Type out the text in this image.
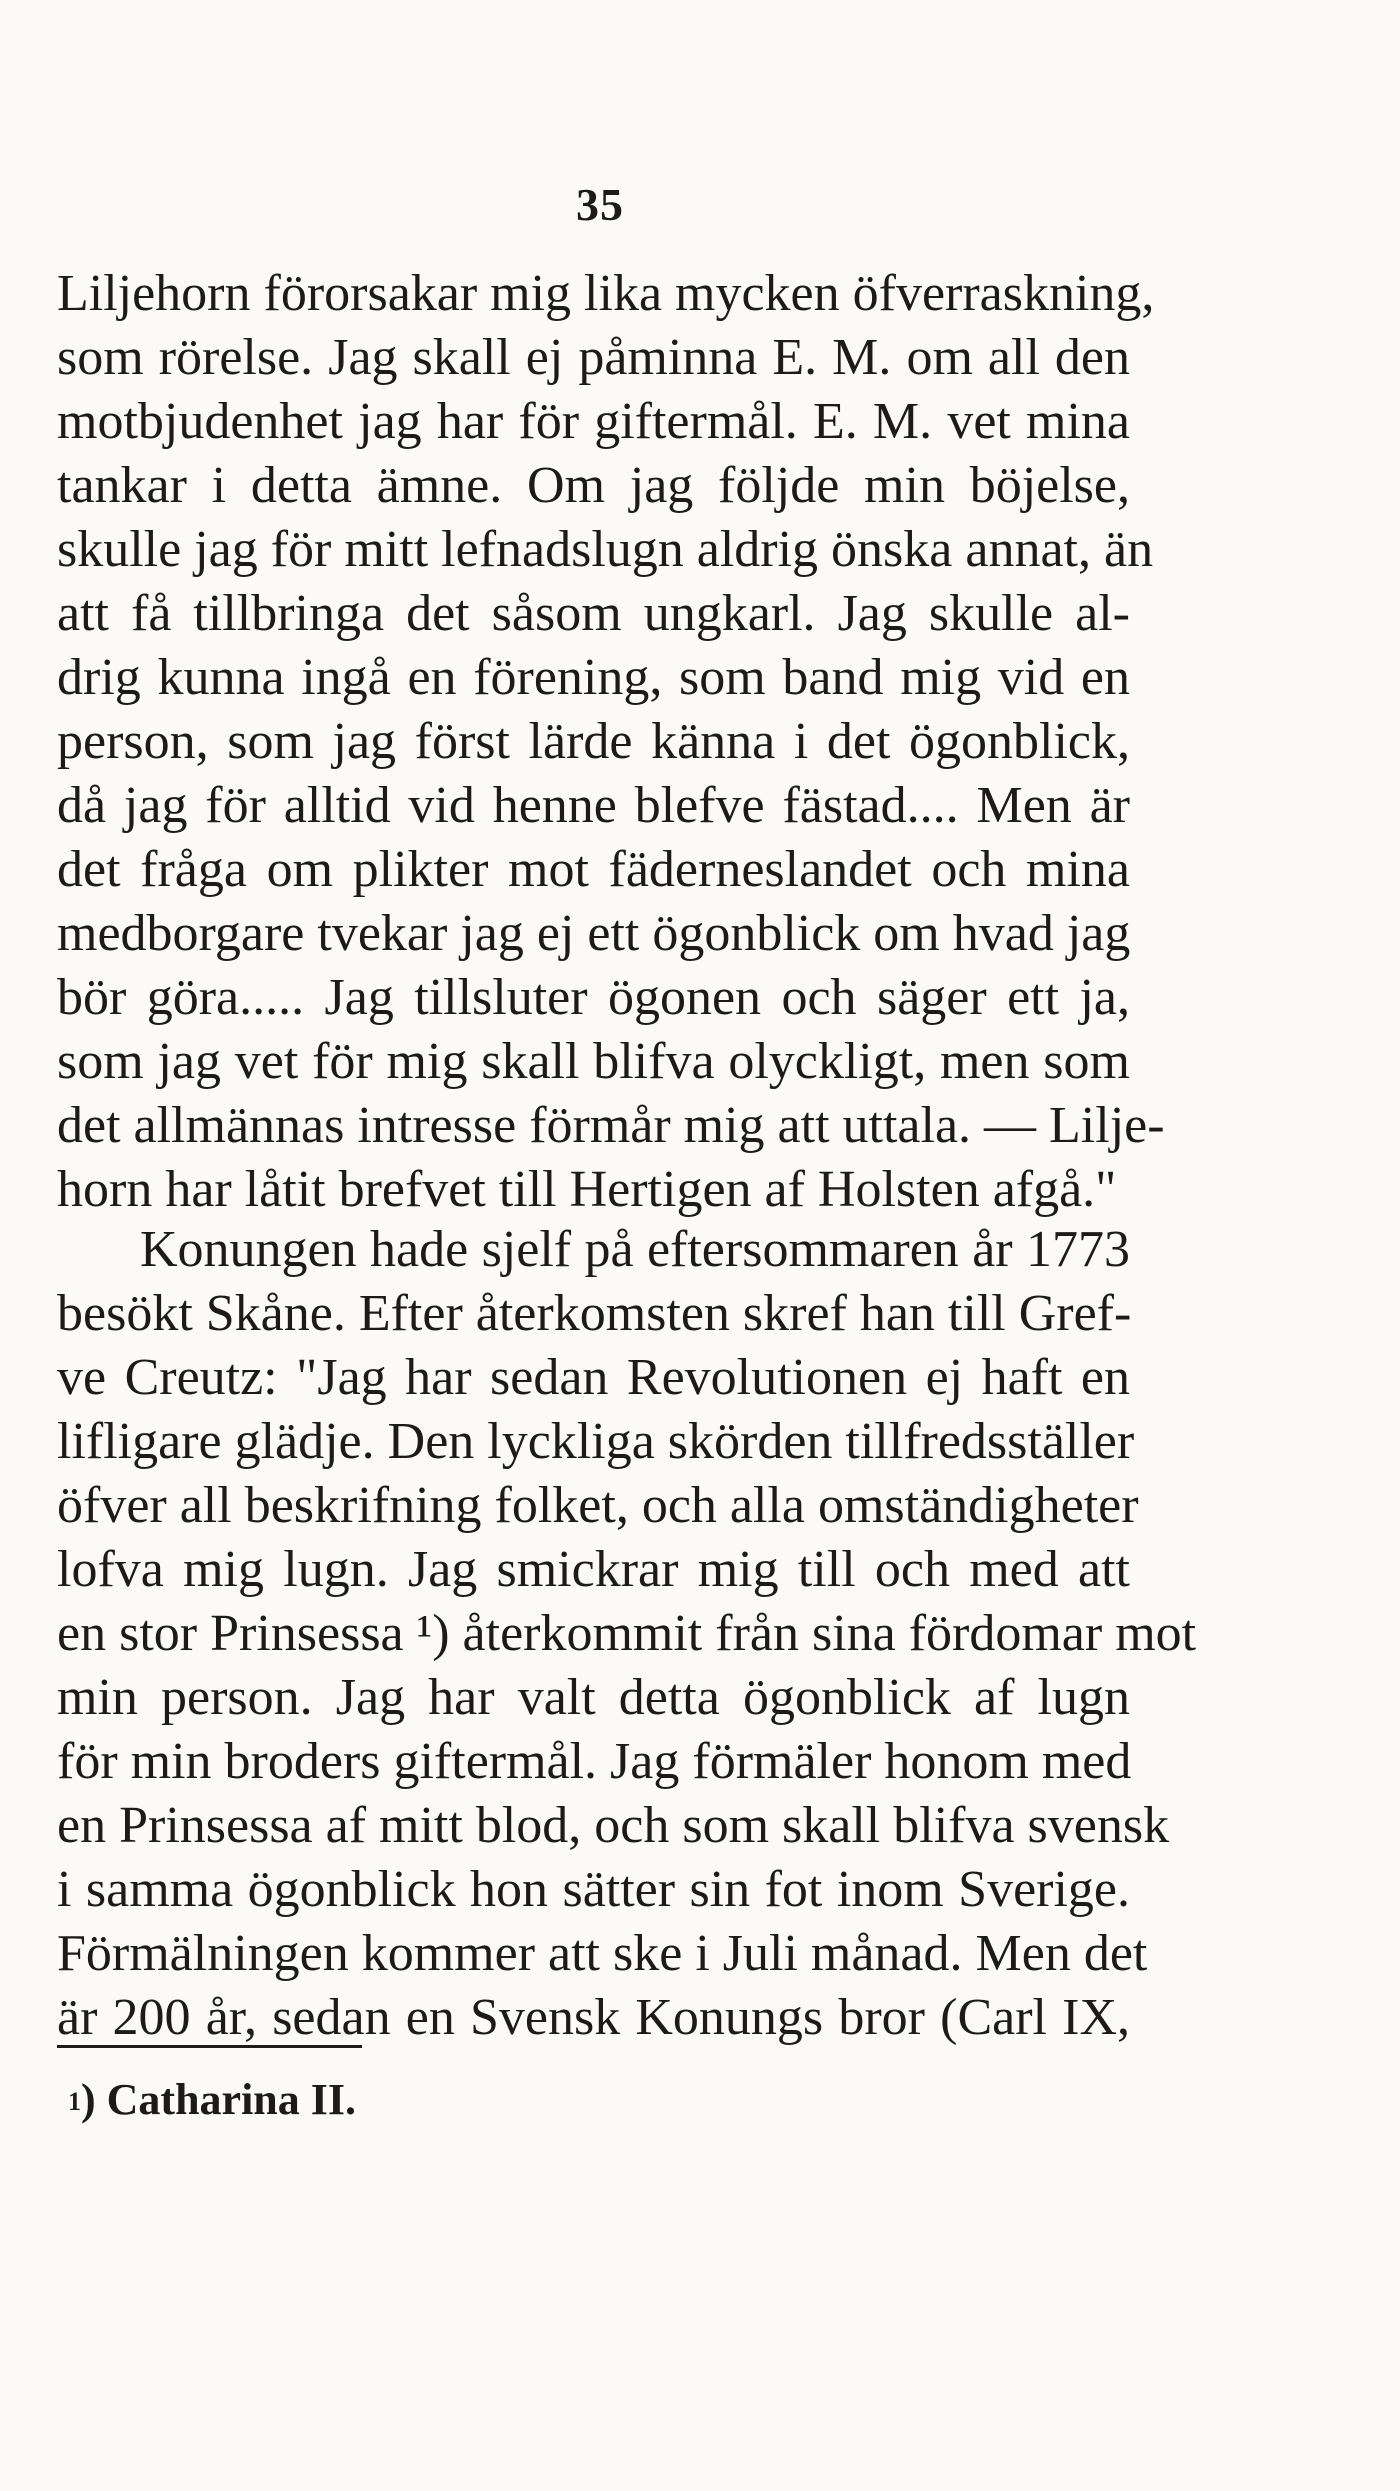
35
Liljehorn förorsakar mig lika mycken öfverraskning,
som rörelse. Jag skall ej påminna E. M. om all den
motbjudenhet jag har för giftermål. E. M. vet mina
tankar i detta ämne. Om jag följde min böjelse,
skulle jag för mitt lefnadslugn aldrig önska annat, än
att få tillbringa det såsom ungkarl. Jag skulle al-
drig kunna ingå en förening, som band mig vid en
person, som jag först lärde känna i det ögonblick,
då jag för alltid vid henne blefve fästad.... Men är
det fråga om plikter mot fäderneslandet och mina
medborgare tvekar jag ej ett ögonblick om hvad jag
bör göra..... Jag tillsluter ögonen och säger ett ja,
som jag vet för mig skall blifva olyckligt, men som
det allmännas intresse förmår mig att uttala. — Lilje-
horn har låtit brefvet till Hertigen af Holsten afgå."
Konungen hade sjelf på eftersommaren år 1773
besökt Skåne. Efter återkomsten skref han till Gref-
ve Creutz: "Jag har sedan Revolutionen ej haft en
lifligare glädje. Den lyckliga skörden tillfredsställer
öfver all beskrifning folket, och alla omständigheter
lofva mig lugn. Jag smickrar mig till och med att
en stor Prinsessa ¹) återkommit från sina fördomar mot
min person. Jag har valt detta ögonblick af lugn
för min broders giftermål. Jag förmäler honom med
en Prinsessa af mitt blod, och som skall blifva svensk
i samma ögonblick hon sätter sin fot inom Sverige.
Förmälningen kommer att ske i Juli månad. Men det
är 200 år, sedan en Svensk Konungs bror (Carl IX,
$^1$) Catharina II.
